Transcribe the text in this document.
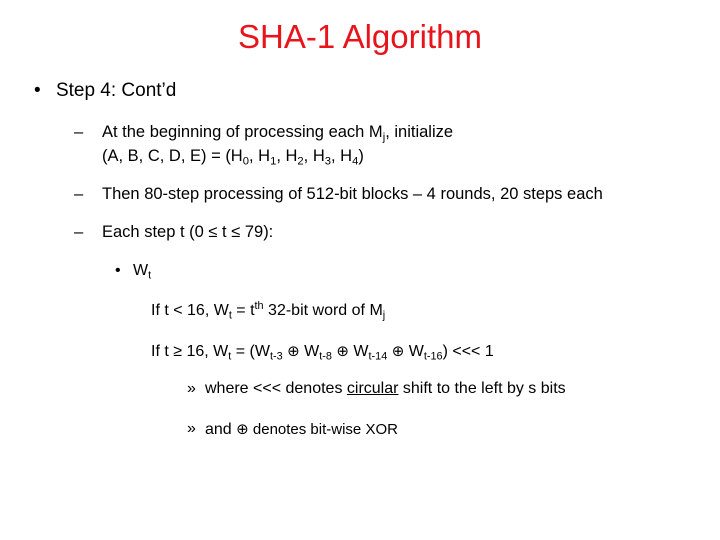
SHA-1 Algorithm
• Step 4: Cont’d
– At the beginning of processing each $M_j$, initialize
(A, B, C, D, $E) = (H_0$, $H_1$, $H_2$, $H_3$, $H_4$)
– Then 80-step processing of 512-bit blocks – 4 rounds, 20 steps each
– Each step t (0 ≤ t ≤ 79):
• $W_t$
If t < 16, $W_t = t^{th}$ 32-bit word of $M_j$
If t ≥ 16, $W_t = (W_{t-3}$ ⊕ $W_{t-8}$ ⊕ $W_{t-14}$ ⊕ $W_{t-16}$) <<< 1
» where <<< denotes circular shift to the left by s bits
» and ⊕ denotes bit-wise XOR
